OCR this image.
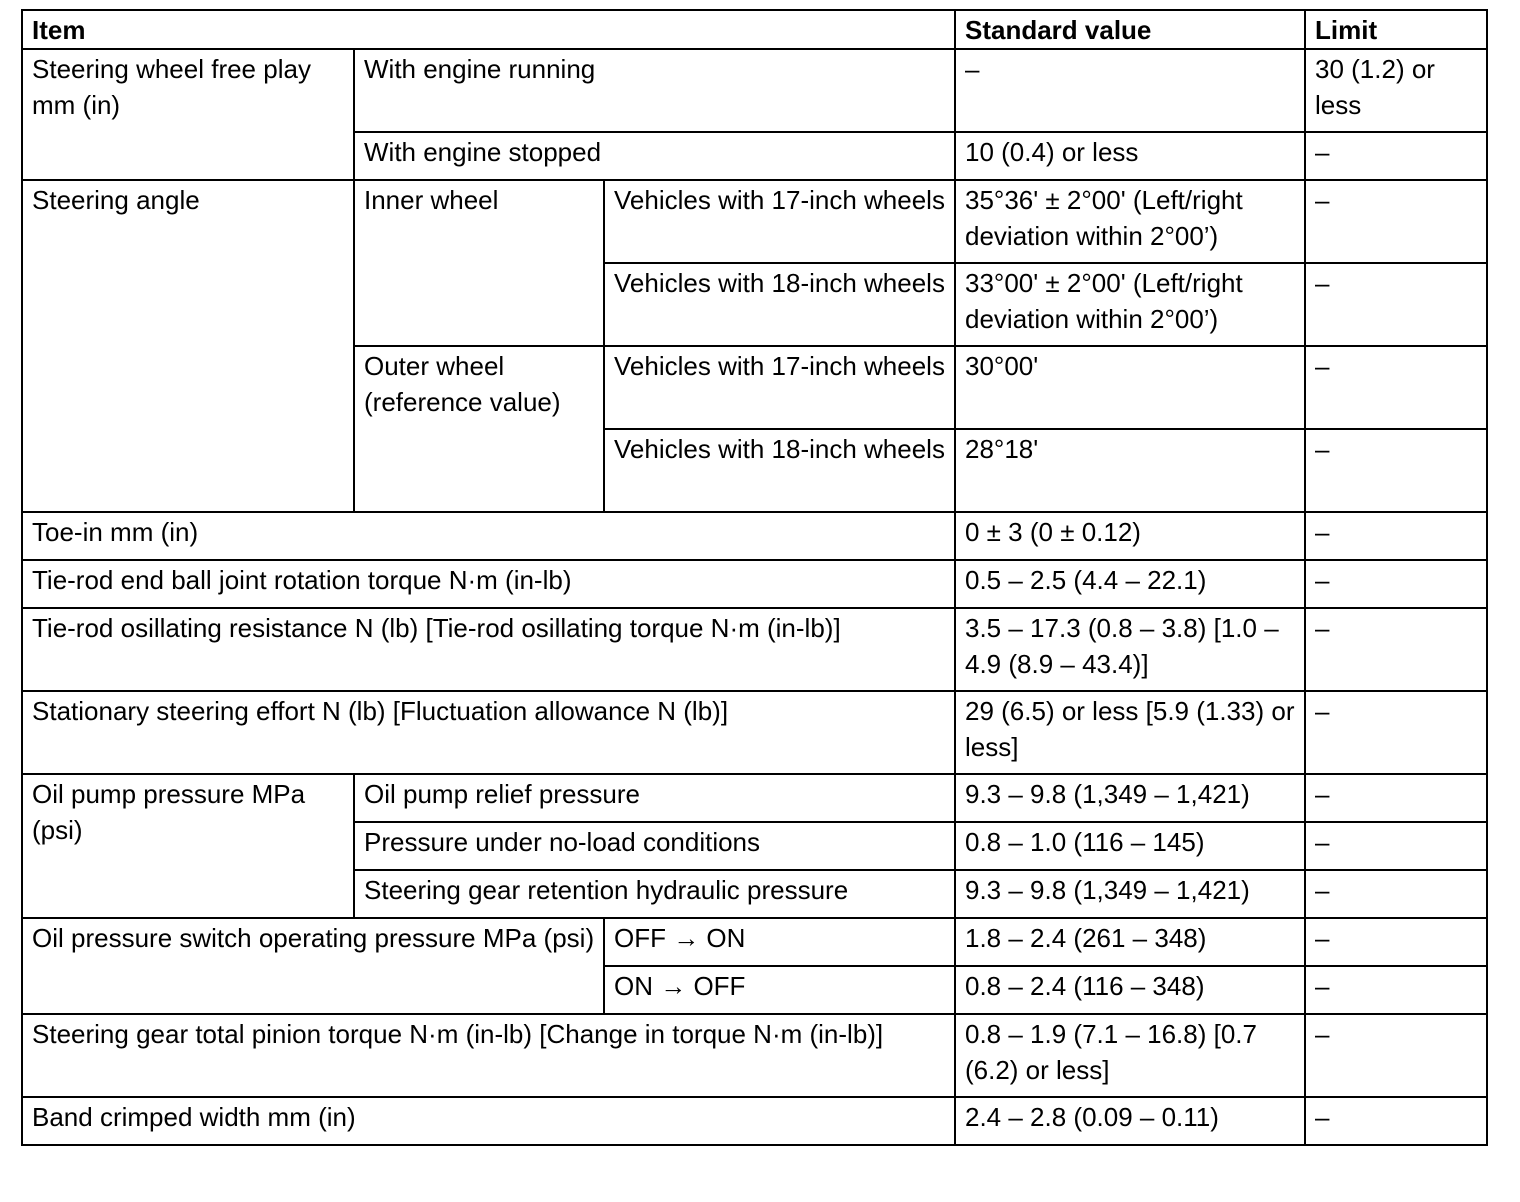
Item			Standard value	Limit
Steering wheel free play mm (in)	With engine running		–	30 (1.2) or less
	With engine stopped		10 (0.4) or less	–
Steering angle	Inner wheel	Vehicles with 17-inch wheels	35°36' ± 2°00' (Left/right deviation within 2°00’)	–
		Vehicles with 18-inch wheels	33°00' ± 2°00' (Left/right deviation within 2°00’)	–
	Outer wheel (reference value)	Vehicles with 17-inch wheels	30°00'	–
		Vehicles with 18-inch wheels	28°18'	–
Toe-in mm (in)			0 ± 3 (0 ± 0.12)	–
Tie-rod end ball joint rotation torque N·m (in-lb)			0.5 – 2.5 (4.4 – 22.1)	–
Tie-rod osillating resistance N (lb) [Tie-rod osillating torque N·m (in-lb)]			3.5 – 17.3 (0.8 – 3.8) [1.0 – 4.9 (8.9 – 43.4)]	–
Stationary steering effort N (lb) [Fluctuation allowance N (lb)]			29 (6.5) or less [5.9 (1.33) or less]	–
Oil pump pressure MPa (psi)	Oil pump relief pressure		9.3 – 9.8 (1,349 – 1,421)	–
	Pressure under no-load conditions		0.8 – 1.0 (116 – 145)	–
	Steering gear retention hydraulic pressure		9.3 – 9.8 (1,349 – 1,421)	–
Oil pressure switch operating pressure MPa (psi)		OFF → ON	1.8 – 2.4 (261 – 348)	–
		ON → OFF	0.8 – 2.4 (116 – 348)	–
Steering gear total pinion torque N·m (in-lb) [Change in torque N·m (in-lb)]			0.8 – 1.9 (7.1 – 16.8) [0.7 (6.2) or less]	–
Band crimped width mm (in)			2.4 – 2.8 (0.09 – 0.11)	–
